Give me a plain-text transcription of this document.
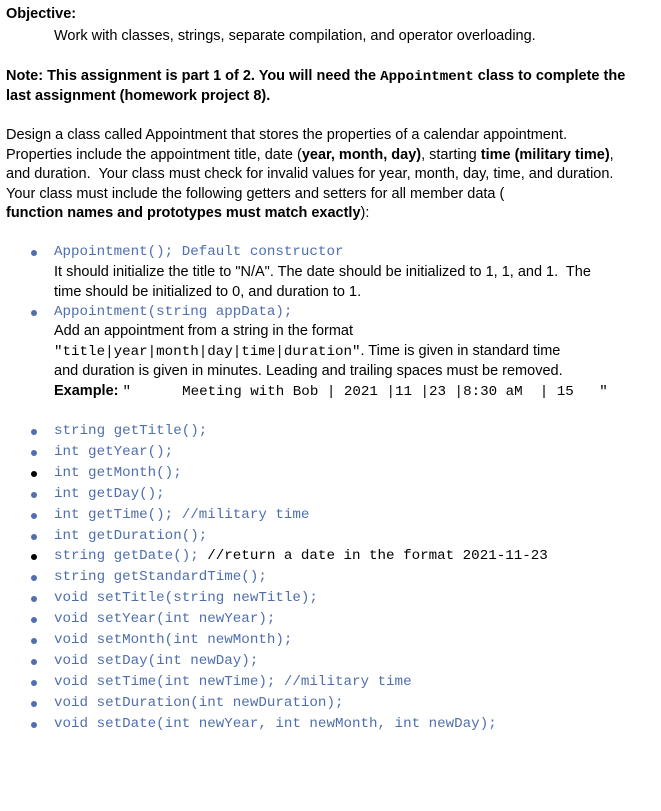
Objective:
Work with classes, strings, separate compilation, and operator overloading.
Note: This assignment is part 1 of 2. You will need the Appointment class to complete the
last assignment (homework project 8).
Design a class called Appointment that stores the properties of a calendar appointment.
Properties include the appointment title, date (year, month, day), starting time (military time),
and duration.  Your class must check for invalid values for year, month, day, time, and duration.
Your class must include the following getters and setters for all member data (
function names and prototypes must match exactly):
Appointment(); Default constructor
It should initialize the title to "N/A". The date should be initialized to 1, 1, and 1.  The
time should be initialized to 0, and duration to 1.
Appointment(string appData);
Add an appointment from a string in the format
"title|year|month|day|time|duration". Time is given in standard time
and duration is given in minutes. Leading and trailing spaces must be removed.
Example: "      Meeting with Bob | 2021 |11 |23 |8:30 aM  | 15   "
string getTitle();
int getYear();
int getMonth();
int getDay();
int getTime(); //military time
int getDuration();
string getDate(); //return a date in the format 2021-11-23
string getStandardTime();
void setTitle(string newTitle);
void setYear(int newYear);
void setMonth(int newMonth);
void setDay(int newDay);
void setTime(int newTime); //military time
void setDuration(int newDuration);
void setDate(int newYear, int newMonth, int newDay);
